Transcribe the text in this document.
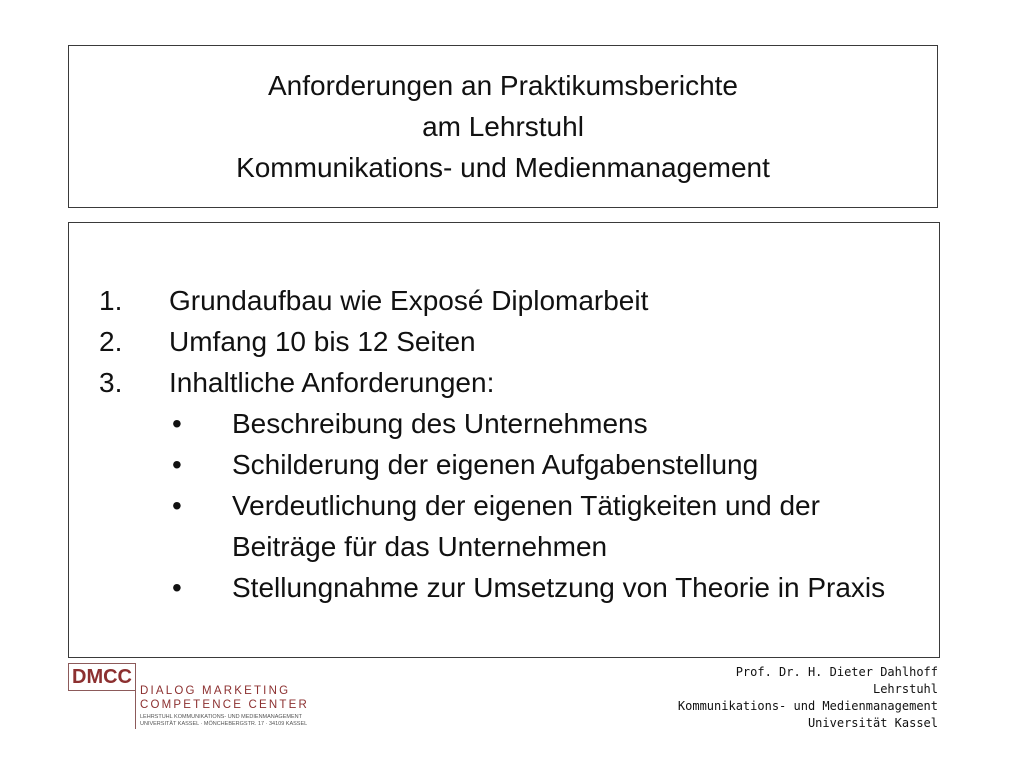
Anforderungen an Praktikumsberichte
am Lehrstuhl
Kommunikations- und Medienmanagement
1.	Grundaufbau wie Exposé Diplomarbeit
2.	Umfang 10 bis 12 Seiten
3.	Inhaltliche Anforderungen:
•	Beschreibung des Unternehmens
•	Schilderung der eigenen Aufgabenstellung
•	Verdeutlichung der eigenen Tätigkeiten und der Beiträge für das Unternehmen
•	Stellungnahme zur Umsetzung von Theorie in Praxis
DMCC
DIALOG MARKETING
COMPETENCE CENTER
LEHRSTUHL KOMMUNIKATIONS- UND MEDIENMANAGEMENT
UNIVERSITÄT KASSEL · MÖNCHEBERGSTR. 17 · 34109 KASSEL
Prof. Dr. H. Dieter Dahlhoff
Lehrstuhl
Kommunikations- und Medienmanagement
Universität Kassel
